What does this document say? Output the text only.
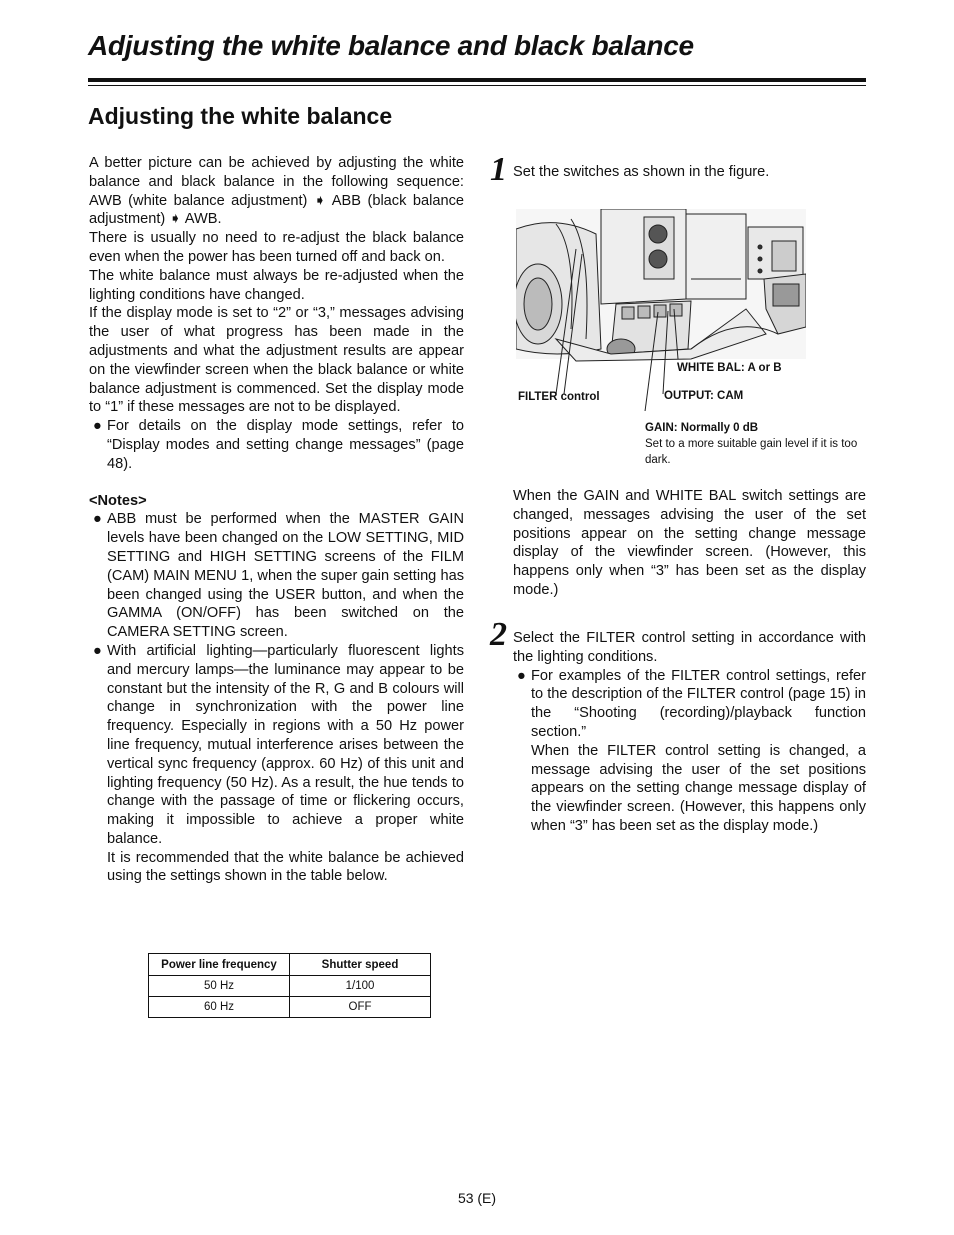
Adjusting the white balance and black balance
Adjusting the white balance

A better picture can be achieved by adjusting the white balance and black balance in the following sequence: AWB (white balance adjustment) ➧ ABB (black balance adjustment) ➧ AWB.

There is usually no need to re-adjust the black balance even when the power has been turned off and back on.

The white balance must always be re-adjusted when the lighting conditions have changed.

If the display mode is set to “2” or “3,” messages advising the user of what progress has been made in the adjustments and what the adjustment results are appear on the viewfinder screen when the black balance or white balance adjustment is commenced. Set the display mode to “1” if these messages are not to be displayed.

● For details on the display mode settings, refer to “Display modes and setting change messages” (page 48).

<Notes>

● ABB must be performed when the MASTER GAIN levels have been changed on the LOW SETTING, MID SETTING and HIGH SETTING screens of the FILM (CAM) MAIN MENU 1, when the super gain setting has been changed using the USER button, and when the GAMMA (ON/OFF) has been switched on the CAMERA SETTING screen.

● With artificial lighting—particularly fluorescent lights and mercury lamps—the luminance may appear to be constant but the intensity of the R, G and B colours will change in synchronization with the power line frequency. Especially in regions with a 50 Hz power line frequency, mutual interference arises between the vertical sync frequency (approx. 60 Hz) of this unit and lighting frequency (50 Hz). As a result, the hue tends to change with the passage of time or flickering occurs, making it impossible to achieve a proper white balance.

It is recommended that the white balance be achieved using the settings shown in the table below.

Power line frequency	Shutter speed
50 Hz	1/100
60 Hz	OFF
1 Set the switches as shown in the figure.
WHITE BAL: A or B
FILTER control	OUTPUT: CAM
GAIN: Normally 0 dB
Set to a more suitable gain level if it is too dark.
When the GAIN and WHITE BAL switch settings are changed, messages advising the user of the set positions appear on the setting change message display of the viewfinder screen. (However, this happens only when “3” has been set as the display mode.)
2 Select the FILTER control setting in accordance with the lighting conditions.

● For examples of the FILTER control settings, refer to the description of the FILTER control (page 15) in the “Shooting (recording)/playback function section.”

When the FILTER control setting is changed, a message advising the user of the set positions appears on the setting change message display of the viewfinder screen. (However, this happens only when “3” has been set as the display mode.)

53 (E)
